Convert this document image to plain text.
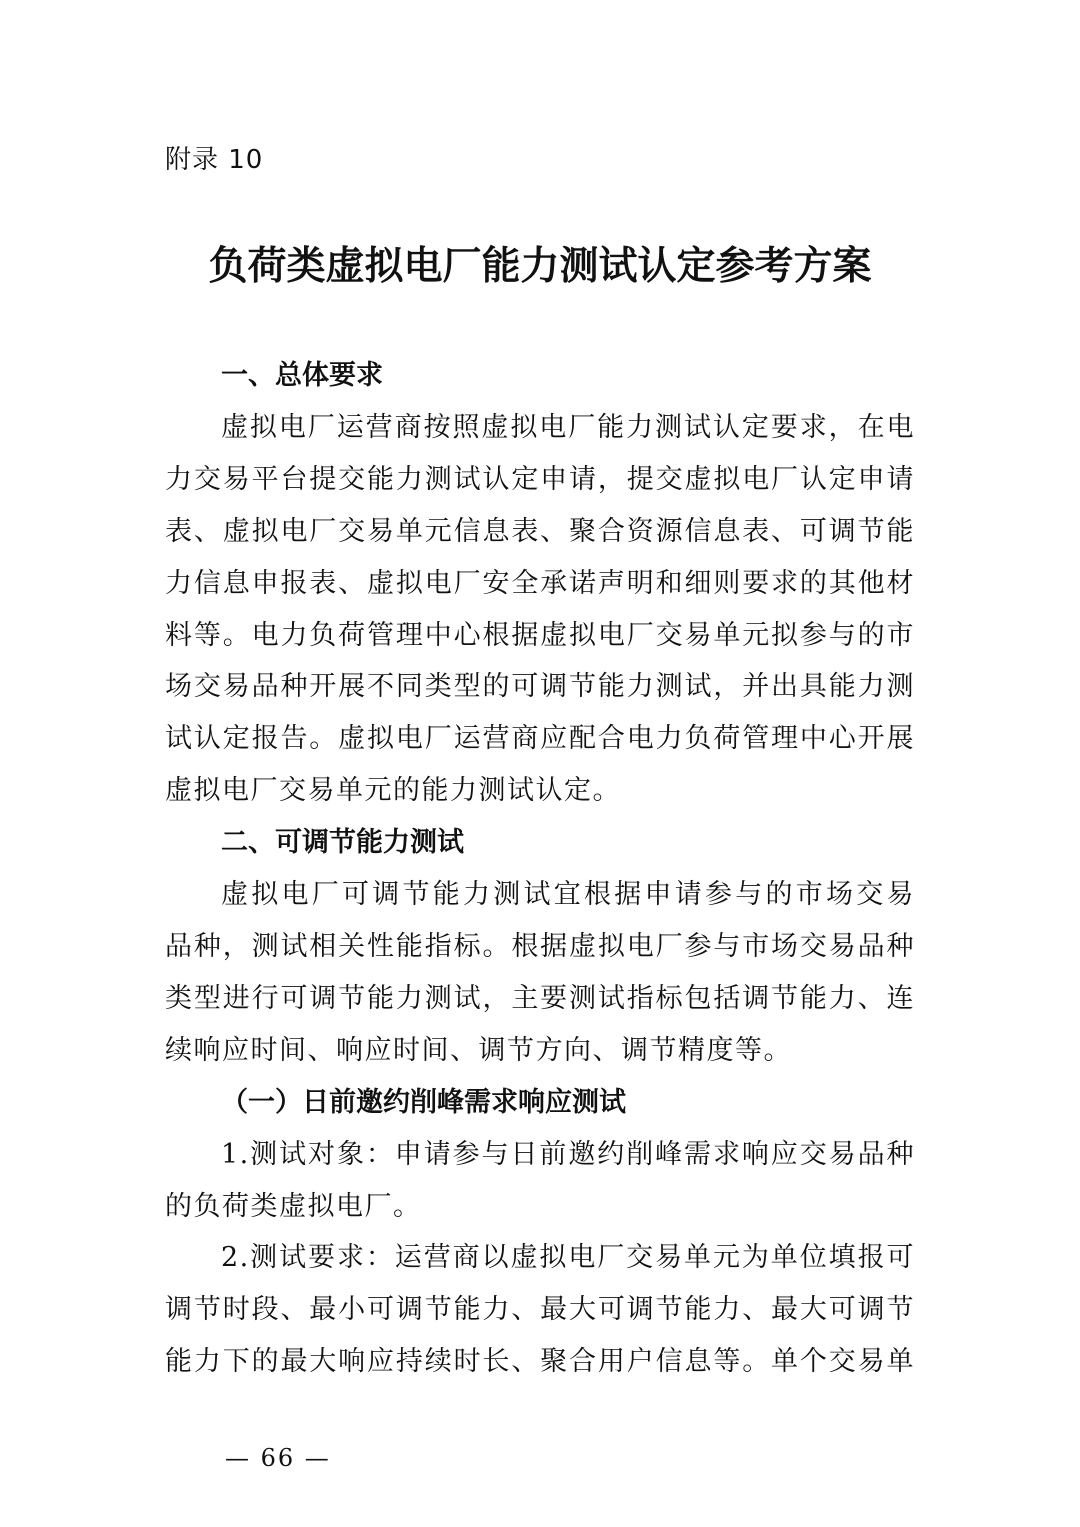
附录 10
负荷类虚拟电厂能力测试认定参考方案
一、总体要求

虚拟电厂运营商按照虚拟电厂能力测试认定要求，在电
力交易平台提交能力测试认定申请，提交虚拟电厂认定申请
表、虚拟电厂交易单元信息表、聚合资源信息表、可调节能
力信息申报表、虚拟电厂安全承诺声明和细则要求的其他材
料等。电力负荷管理中心根据虚拟电厂交易单元拟参与的市
场交易品种开展不同类型的可调节能力测试，并出具能力测
试认定报告。虚拟电厂运营商应配合电力负荷管理中心开展
虚拟电厂交易单元的能力测试认定。

二、可调节能力测试

虚拟电厂可调节能力测试宜根据申请参与的市场交易
品种，测试相关性能指标。根据虚拟电厂参与市场交易品种
类型进行可调节能力测试，主要测试指标包括调节能力、连
续响应时间、响应时间、调节方向、调节精度等。

（一）日前邀约削峰需求响应测试

1.测试对象：申请参与日前邀约削峰需求响应交易品种
的负荷类虚拟电厂。

2.测试要求：运营商以虚拟电厂交易单元为单位填报可
调节时段、最小可调节能力、最大可调节能力、最大可调节
能力下的最大响应持续时长、聚合用户信息等。单个交易单

— 66 —
